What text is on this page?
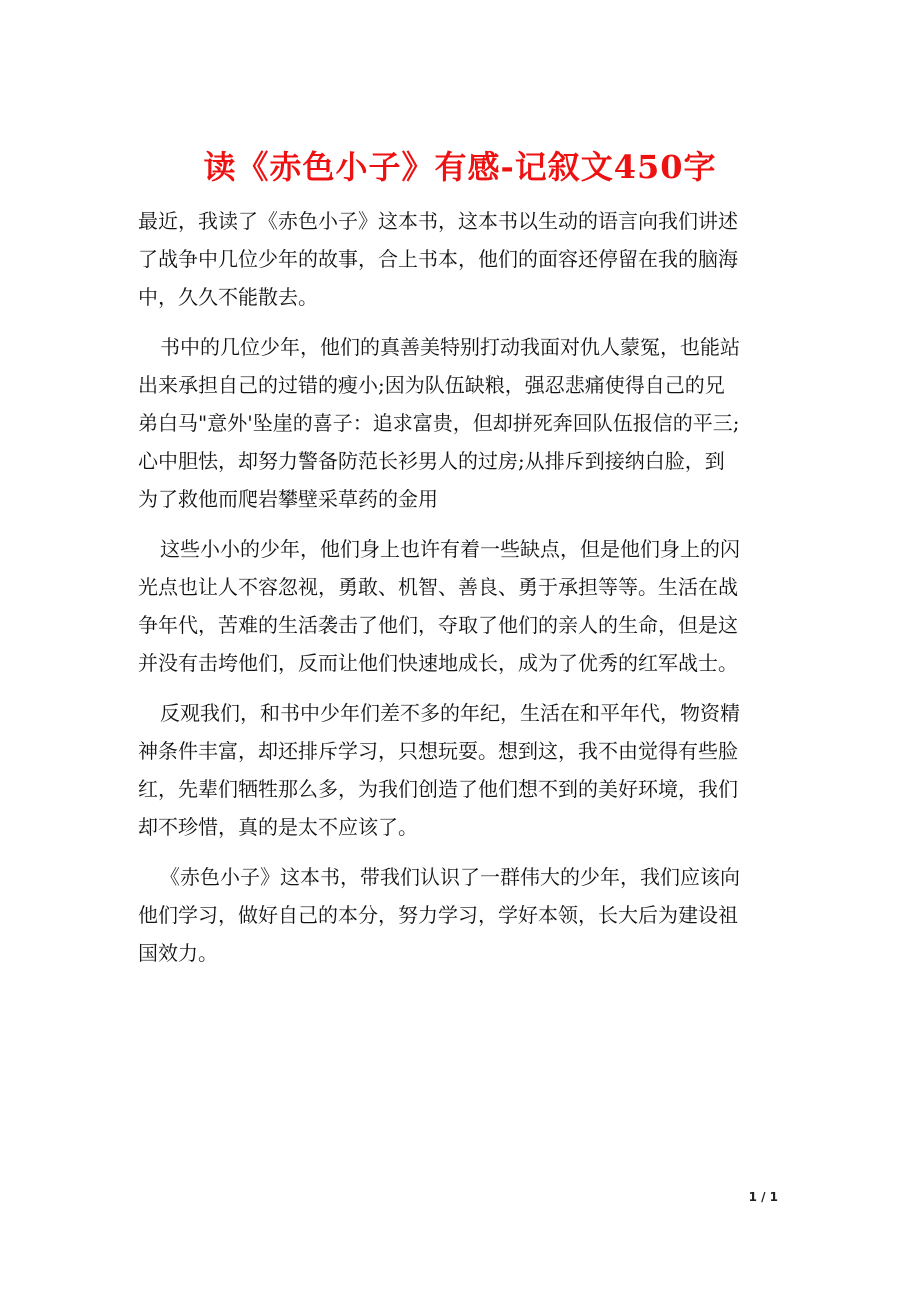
读《赤色小子》有感-记叙文450字
最近，我读了《赤色小子》这本书，这本书以生动的语言向我们讲述
了战争中几位少年的故事，合上书本，他们的面容还停留在我的脑海
中，久久不能散去。
书中的几位少年，他们的真善美特别打动我面对仇人蒙冤，也能站
出来承担自己的过错的瘦小;因为队伍缺粮，强忍悲痛使得自己的兄
弟白马"意外'坠崖的喜子：追求富贵，但却拼死奔回队伍报信的平三;
心中胆怯，却努力警备防范长衫男人的过房;从排斥到接纳白脸，到
为了救他而爬岩攀壁采草药的金用
这些小小的少年，他们身上也许有着一些缺点，但是他们身上的闪
光点也让人不容忽视，勇敢、机智、善良、勇于承担等等。生活在战
争年代，苦难的生活袭击了他们，夺取了他们的亲人的生命，但是这
并没有击垮他们，反而让他们快速地成长，成为了优秀的红军战士。
反观我们，和书中少年们差不多的年纪，生活在和平年代，物资精
神条件丰富，却还排斥学习，只想玩耍。想到这，我不由觉得有些脸
红，先辈们牺牲那么多，为我们创造了他们想不到的美好环境，我们
却不珍惜，真的是太不应该了。
《赤色小子》这本书，带我们认识了一群伟大的少年，我们应该向
他们学习，做好自己的本分，努力学习，学好本领，长大后为建设祖
国效力。
1 / 1
